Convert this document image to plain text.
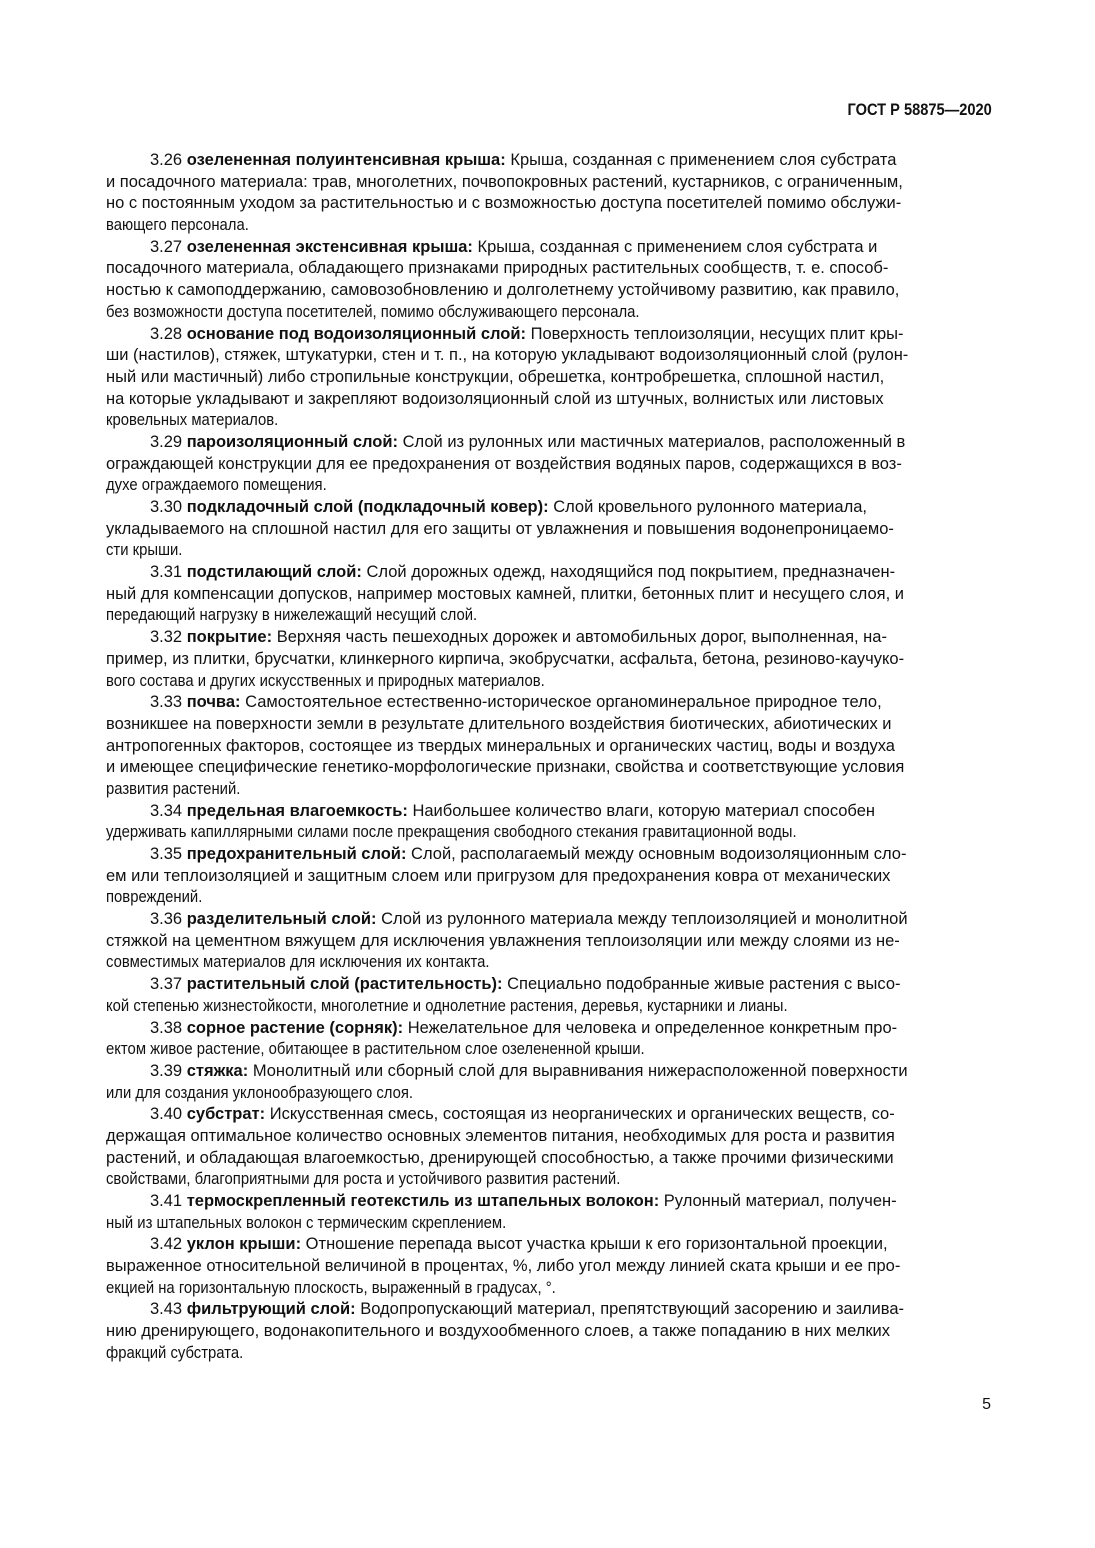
ГОСТ Р 58875—2020
3.26 озелененная полуинтенсивная крыша: Крыша, созданная с применением слоя субстрата
и посадочного материала: трав, многолетних, почвопокровных растений, кустарников, с ограниченным,
но с постоянным уходом за растительностью и с возможностью доступа посетителей помимо обслужи-
вающего персонала.
3.27 озелененная экстенсивная крыша: Крыша, созданная с применением слоя субстрата и
посадочного материала, обладающего признаками природных растительных сообществ, т. е. способ-
ностью к самоподдержанию, самовозобновлению и долголетнему устойчивому развитию, как правило,
без возможности доступа посетителей, помимо обслуживающего персонала.
3.28 основание под водоизоляционный слой: Поверхность теплоизоляции, несущих плит кры-
ши (настилов), стяжек, штукатурки, стен и т. п., на которую укладывают водоизоляционный слой (рулон-
ный или мастичный) либо стропильные конструкции, обрешетка, контробрешетка, сплошной настил,
на которые укладывают и закрепляют водоизоляционный слой из штучных, волнистых или листовых
кровельных материалов.
3.29 пароизоляционный слой: Слой из рулонных или мастичных материалов, расположенный в
ограждающей конструкции для ее предохранения от воздействия водяных паров, содержащихся в воз-
духе ограждаемого помещения.
3.30 подкладочный слой (подкладочный ковер): Слой кровельного рулонного материала,
укладываемого на сплошной настил для его защиты от увлажнения и повышения водонепроницаемо-
сти крыши.
3.31 подстилающий слой: Слой дорожных одежд, находящийся под покрытием, предназначен-
ный для компенсации допусков, например мостовых камней, плитки, бетонных плит и несущего слоя, и
передающий нагрузку в нижележащий несущий слой.
3.32 покрытие: Верхняя часть пешеходных дорожек и автомобильных дорог, выполненная, на-
пример, из плитки, брусчатки, клинкерного кирпича, экобрусчатки, асфальта, бетона, резиново-каучуко-
вого состава и других искусственных и природных материалов.
3.33 почва: Самостоятельное естественно-историческое органоминеральное природное тело,
возникшее на поверхности земли в результате длительного воздействия биотических, абиотических и
антропогенных факторов, состоящее из твердых минеральных и органических частиц, воды и воздуха
и имеющее специфические генетико-морфологические признаки, свойства и соответствующие условия
развития растений.
3.34 предельная влагоемкость: Наибольшее количество влаги, которую материал способен
удерживать капиллярными силами после прекращения свободного стекания гравитационной воды.
3.35 предохранительный слой: Слой, располагаемый между основным водоизоляционным сло-
ем или теплоизоляцией и защитным слоем или пригрузом для предохранения ковра от механических
повреждений.
3.36 разделительный слой: Слой из рулонного материала между теплоизоляцией и монолитной
стяжкой на цементном вяжущем для исключения увлажнения теплоизоляции или между слоями из не-
совместимых материалов для исключения их контакта.
3.37 растительный слой (растительность): Специально подобранные живые растения с высо-
кой степенью жизнестойкости, многолетние и однолетние растения, деревья, кустарники и лианы.
3.38 сорное растение (сорняк): Нежелательное для человека и определенное конкретным про-
ектом живое растение, обитающее в растительном слое озелененной крыши.
3.39 стяжка: Монолитный или сборный слой для выравнивания нижерасположенной поверхности
или для создания уклонообразующего слоя.
3.40 субстрат: Искусственная смесь, состоящая из неорганических и органических веществ, со-
держащая оптимальное количество основных элементов питания, необходимых для роста и развития
растений, и обладающая влагоемкостью, дренирующей способностью, а также прочими физическими
свойствами, благоприятными для роста и устойчивого развития растений.
3.41 термоскрепленный геотекстиль из штапельных волокон: Рулонный материал, получен-
ный из штапельных волокон с термическим скреплением.
3.42 уклон крыши: Отношение перепада высот участка крыши к его горизонтальной проекции,
выраженное относительной величиной в процентах, %, либо угол между линией ската крыши и ее про-
екцией на горизонтальную плоскость, выраженный в градусах, °.
3.43 фильтрующий слой: Водопропускающий материал, препятствующий засорению и заилива-
нию дренирующего, водонакопительного и воздухообменного слоев, а также попаданию в них мелких
фракций субстрата.
5
